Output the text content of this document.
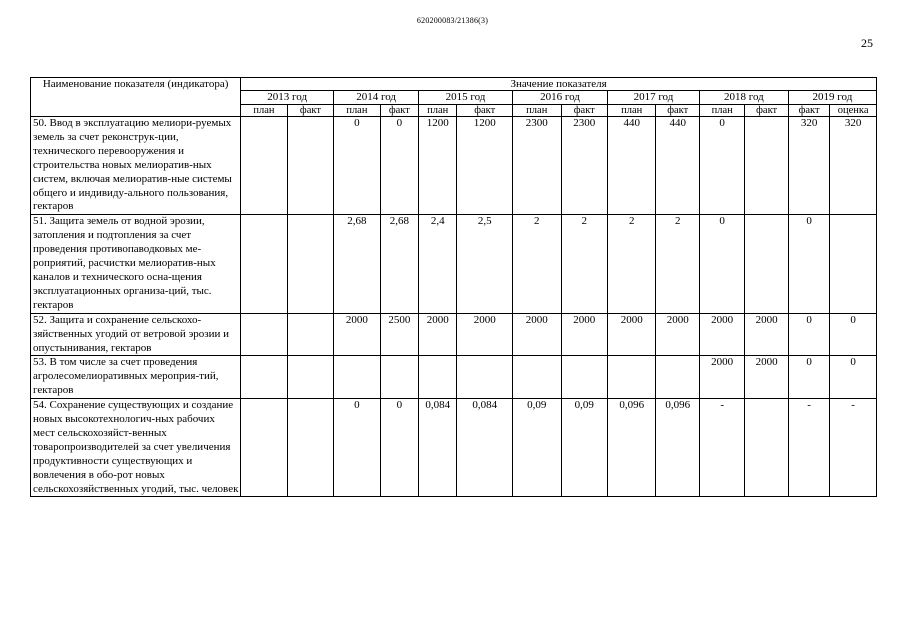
620200083/21386(3)
25
Наименование показателя (индикатора)	Значение показателя													
	2013 год		2014 год		2015 год		2016 год		2017 год		2018 год		2019 год	
	план	факт	план	факт	план	факт	план	факт	план	факт	план	факт	факт	оценка
50. Ввод в эксплуатацию мелиори-руемых земель за счет реконструк-ции, технического перевооружения и строительства новых мелиоратив-ных систем, включая мелиоратив-ные системы общего и индивиду-ального пользования, гектаров			0	0	1200	1200	2300	2300	440	440	0		320	320
51. Защита земель от водной эрозии, затопления и подтопления за счет проведения противопаводковых ме-роприятий, расчистки мелиоратив-ных каналов и технического осна-щения эксплуатационных организа-ций, тыс. гектаров			2,68	2,68	2,4	2,5	2	2	2	2	0		0	
52. Защита и сохранение сельскохо-зяйственных угодий от ветровой эрозии и опустынивания, гектаров			2000	2500	2000	2000	2000	2000	2000	2000	2000	2000	0	0
53. В том числе за счет проведения агролесомелиоративных мероприя-тий, гектаров											2000	2000	0	0
54. Сохранение существующих и создание новых высокотехнологич-ных рабочих мест сельскохозяйст-венных товаропроизводителей за счет увеличения продуктивности существующих и вовлечения в обо-рот новых сельскохозяйственных угодий, тыс. человек			0	0	0,084	0,084	0,09	0,09	0,096	0,096	-		-	-
